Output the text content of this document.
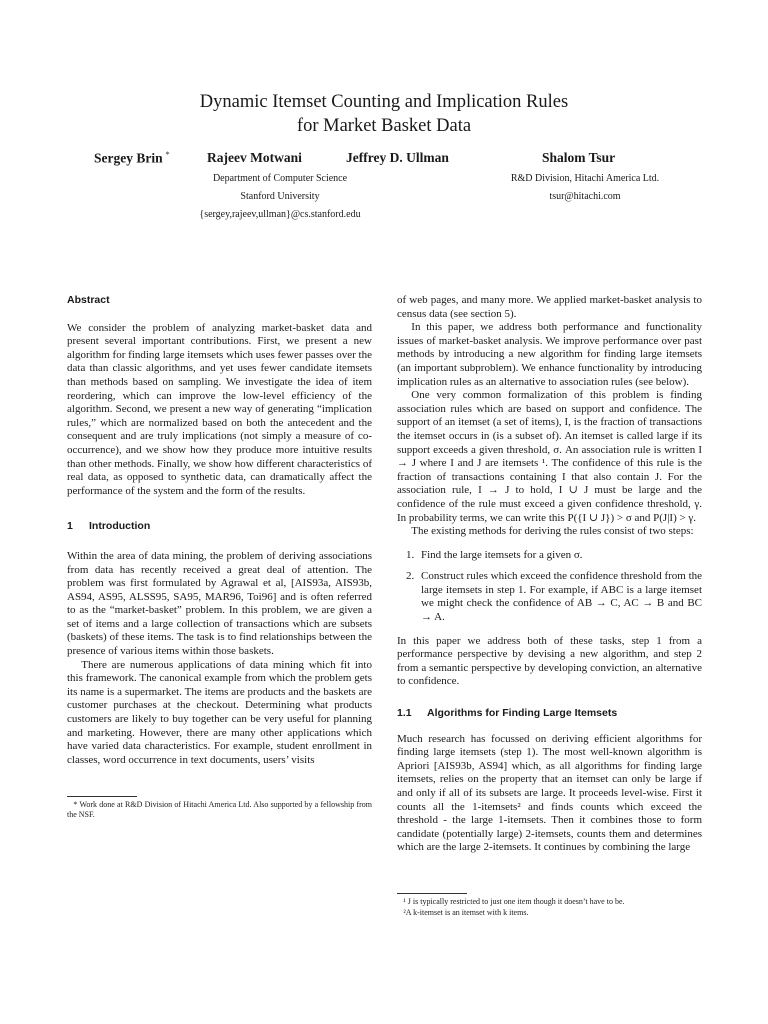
Dynamic Itemset Counting and Implication Rules
for Market Basket Data
Sergey Brin *	Rajeev Motwani	Jeffrey D. Ullman	Shalom Tsur
Department of Computer Science
Stanford University
{sergey,rajeev,ullman}@cs.stanford.edu
R&D Division, Hitachi America Ltd.
tsur@hitachi.com
Abstract

We consider the problem of analyzing market-basket data and present several important contributions. First, we present a new algorithm for finding large itemsets which uses fewer passes over the data than classic algorithms, and yet uses fewer candidate itemsets than methods based on sampling. We investigate the idea of item reordering, which can improve the low-level efficiency of the algorithm. Second, we present a new way of generating “implication rules,” which are normalized based on both the antecedent and the consequent and are truly implications (not simply a measure of co-occurrence), and we show how they produce more intuitive results than other methods. Finally, we show how different characteristics of real data, as opposed to synthetic data, can dramatically affect the performance of the system and the form of the results.

1 Introduction

Within the area of data mining, the problem of deriving associations from data has recently received a great deal of attention. The problem was first formulated by Agrawal et al, [AIS93a, AIS93b, AS94, AS95, ALSS95, SA95, MAR96, Toi96] and is often referred to as the “market-basket” problem. In this problem, we are given a set of items and a large collection of transactions which are subsets (baskets) of these items. The task is to find relationships between the presence of various items within those baskets.

There are numerous applications of data mining which fit into this framework. The canonical example from which the problem gets its name is a supermarket. The items are products and the baskets are customer purchases at the checkout. Determining what products customers are likely to buy together can be very useful for planning and marketing. However, there are many other applications which have varied data characteristics. For example, student enrollment in classes, word occurrence in text documents, users’ visits

* Work done at R&D Division of Hitachi America Ltd. Also supported by a fellowship from the NSF.

of web pages, and many more. We applied market-basket analysis to census data (see section 5).

In this paper, we address both performance and functionality issues of market-basket analysis. We improve performance over past methods by introducing a new algorithm for finding large itemsets (an important subproblem). We enhance functionality by introducing implication rules as an alternative to association rules (see below).

One very common formalization of this problem is finding association rules which are based on support and confidence. The support of an itemset (a set of items), I, is the fraction of transactions the itemset occurs in (is a subset of). An itemset is called large if its support exceeds a given threshold, σ. An association rule is written I → J where I and J are itemsets ¹. The confidence of this rule is the fraction of transactions containing I that also contain J. For the association rule, I → J to hold, I ∪ J must be large and the confidence of the rule must exceed a given confidence threshold, γ. In probability terms, we can write this P({I ∪ J}) > σ and P(J|I) > γ.

The existing methods for deriving the rules consist of two steps:

1. Find the large itemsets for a given σ.
2. Construct rules which exceed the confidence threshold from the large itemsets in step 1. For example, if ABC is a large itemset we might check the confidence of AB → C, AC → B and BC → A.

In this paper we address both of these tasks, step 1 from a performance perspective by devising a new algorithm, and step 2 from a semantic perspective by developing conviction, an alternative to confidence.

1.1 Algorithms for Finding Large Itemsets

Much research has focussed on deriving efficient algorithms for finding large itemsets (step 1). The most well-known algorithm is Apriori [AIS93b, AS94] which, as all algorithms for finding large itemsets, relies on the property that an itemset can only be large if and only if all of its subsets are large. It proceeds level-wise. First it counts all the 1-itemsets² and finds counts which exceed the threshold - the large 1-itemsets. Then it combines those to form candidate (potentially large) 2-itemsets, counts them and determines which are the large 2-itemsets. It continues by combining the large

¹ J is typically restricted to just one item though it doesn’t have to be.

²A k-itemset is an itemset with k items.
